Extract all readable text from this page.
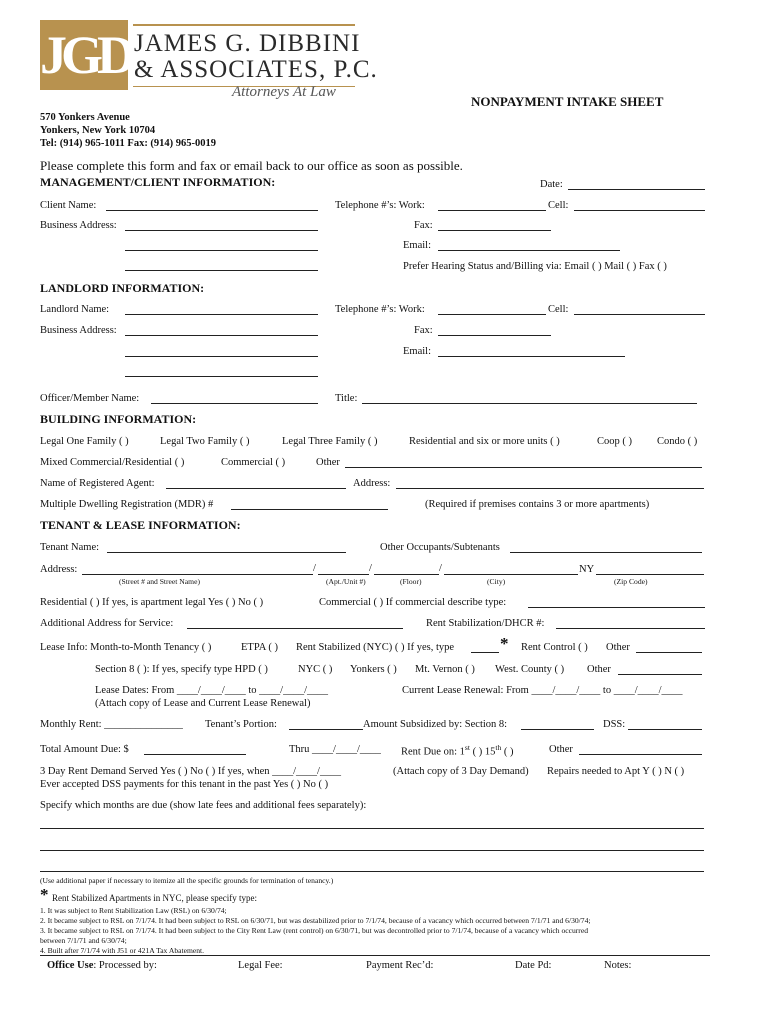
JGD JAMES G. DIBBINI
& ASSOCIATES, P.C.
Attorneys At Law
NONPAYMENT INTAKE SHEET
570 Yonkers Avenue
Yonkers, New York 10704
Tel: (914) 965-1011 Fax: (914) 965-0019
Please complete this form and fax or email back to our office as soon as possible.
MANAGEMENT/CLIENT INFORMATION:	Date:
Client Name:	Telephone #’s: Work:	Cell:
Business Address:	Fax:
Email:
Prefer Hearing Status and/Billing via: Email ( ) Mail ( ) Fax ( )
LANDLORD INFORMATION:
Landlord Name:	Telephone #’s: Work:	Cell:
Business Address:	Fax:
Email:
Officer/Member Name:	Title:
BUILDING INFORMATION:
Legal One Family ( )	Legal Two Family ( )	Legal Three Family ( )	Residential and six or more units ( )	Coop ( ) Condo ( )
Mixed Commercial/Residential ( )	Commercial ( )	Other
Name of Registered Agent:	Address:
Multiple Dwelling Registration (MDR) #	(Required if premises contains 3 or more apartments)
TENANT & LEASE INFORMATION:
Tenant Name:	Other Occupants/Subtenants
Address:	/	/	/	NY
(Street # and Street Name)	(Apt./Unit #)	(Floor)	(City)	(Zip Code)
Residential ( ) If yes, is apartment legal Yes ( ) No ( )	Commercial ( ) If commercial describe type:
Additional Address for Service:	Rent Stabilization/DHCR #:
Lease Info: Month-to-Month Tenancy ( )	ETPA ( ) Rent Stabilized (NYC) ( ) If yes, type	* Rent Control ( ) Other
Section 8 ( ): If yes, specify type HPD ( )	NYC ( ) Yonkers ( ) Mt. Vernon ( ) West. County ( ) Other
Lease Dates: From ____/____/____ to ____/____/____	Current Lease Renewal: From ____/____/____ to ____/____/____
(Attach copy of Lease and Current Lease Renewal)
Monthly Rent: _______________ Tenant’s Portion:	Amount Subsidized by: Section 8:	DSS:
Total Amount Due: $	Thru ____/____/____ Rent Due on: 1st ( ) 15th ( )	Other
3 Day Rent Demand Served Yes ( ) No ( ) If yes, when ____/____/____	(Attach copy of 3 Day Demand) Repairs needed to Apt Y ( ) N ( )
Ever accepted DSS payments for this tenant in the past Yes ( ) No ( )
Specify which months are due (show late fees and additional fees separately):
(Use additional paper if necessary to itemize all the specific grounds for termination of tenancy.)
* Rent Stabilized Apartments in NYC, please specify type:
1. It was subject to Rent Stabilization Law (RSL) on 6/30/74;
2. It became subject to RSL on 7/1/74. It had been subject to RSL on 6/30/71, but was destabilized prior to 7/1/74, because of a vacancy which occurred between 7/1/71 and 6/30/74;
3. It became subject to RSL on 7/1/74. It had been subject to the City Rent Law (rent control) on 6/30/71, but was decontrolled prior to 7/1/74, because of a vacancy which occurred
between 7/1/71 and 6/30/74;
4. Built after 7/1/74 with J51 or 421A Tax Abatement.
Office Use: Processed by:	Legal Fee:	Payment Rec’d:	Date Pd:	Notes:
